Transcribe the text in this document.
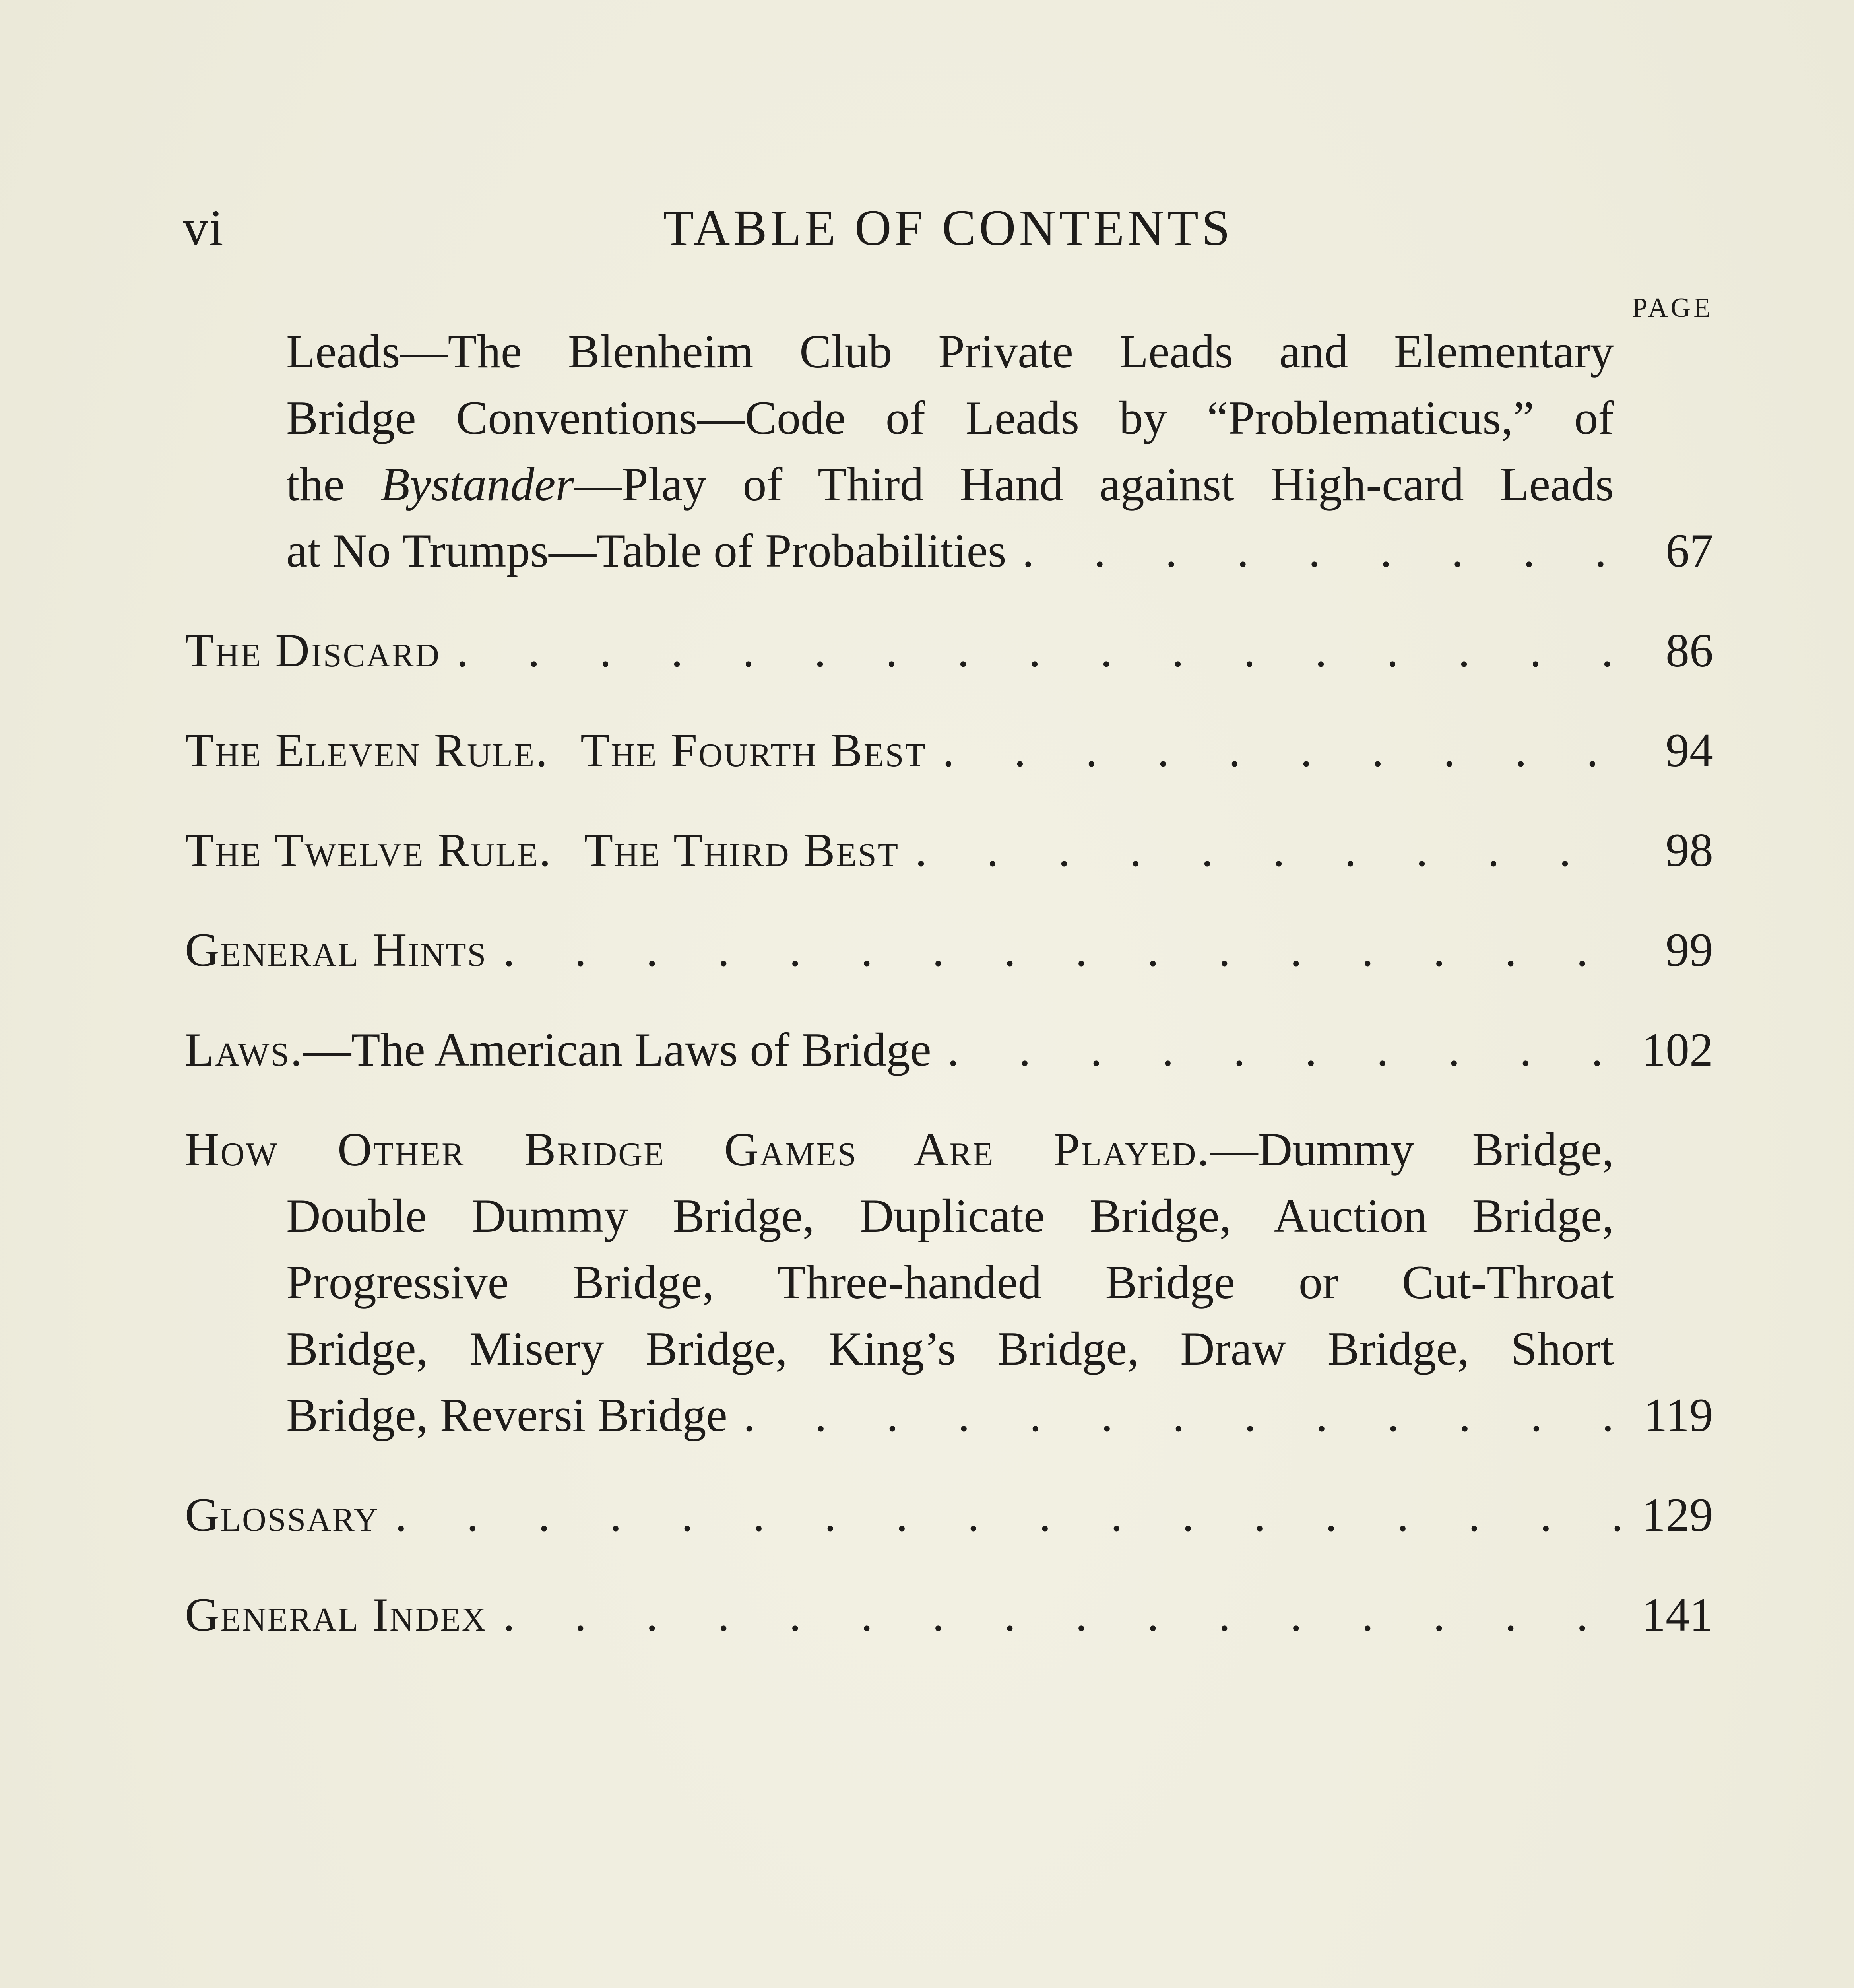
vi	TABLE OF CONTENTS
PAGE
Leads—The Blenheim Club Private Leads and Elementary
Bridge Conventions—Code of Leads by “Problematicus,” of
the Bystander—Play of Third Hand against High-card Leads
at No Trumps—Table of Probabilities .	67
The Discard .	86
The Eleven Rule. The Fourth Best .	94
The Twelve Rule. The Third Best .	98
General Hints .	99
Laws. —The American Laws of Bridge .	102
How Other Bridge Games Are Played.—Dummy Bridge,
Double Dummy Bridge, Duplicate Bridge, Auction Bridge,
Progressive Bridge, Three-handed Bridge or Cut-Throat
Bridge, Misery Bridge, King’s Bridge, Draw Bridge, Short
Bridge, Reversi Bridge .	119
Glossary .	129
General Index .	141
